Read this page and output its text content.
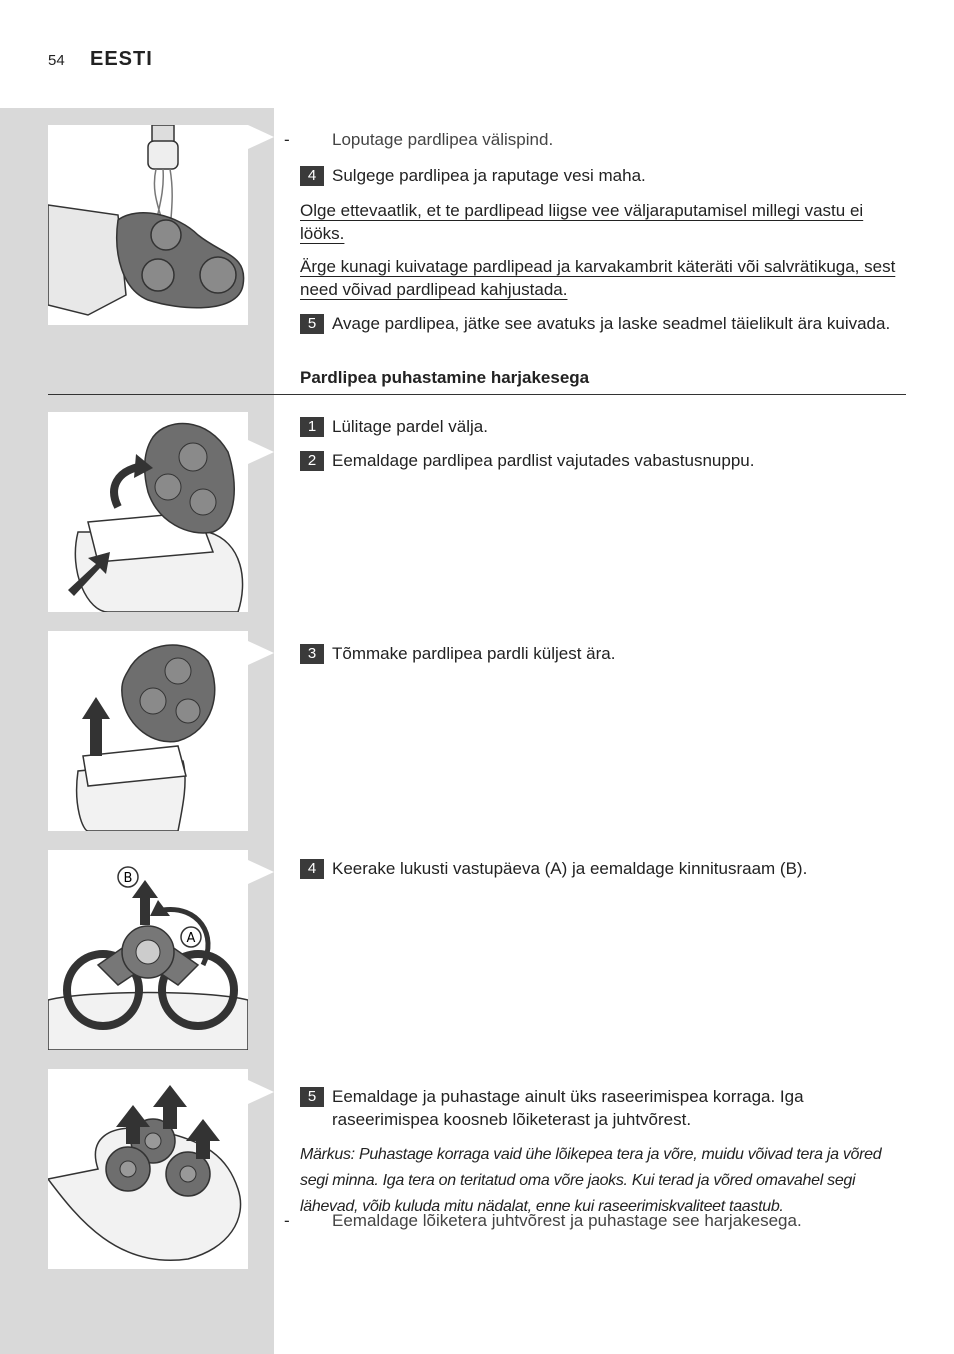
54 EESTI
- Loputage pardlipea välispind.
4 Sulgege pardlipea ja raputage vesi maha.
Olge ettevaatlik, et te pardlipead liigse vee väljaraputamisel millegi vastu ei lööks.
Ärge kunagi kuivatage pardlipead ja karvakambrit käteräti või salvrätikuga, sest need võivad pardlipead kahjustada.
5 Avage pardlipea, jätke see avatuks ja laske seadmel täielikult ära kuivada.
Pardlipea puhastamine harjakesega
1 Lülitage pardel välja.
2 Eemaldage pardlipea pardlist vajutades vabastusnuppu.
3 Tõmmake pardlipea pardli küljest ära.
B
A
4 Keerake lukusti vastupäeva (A) ja eemaldage kinnitusraam (B).
5 Eemaldage ja puhastage ainult üks raseerimispea korraga. Iga raseerimispea koosneb lõiketerast ja juhtvõrest.
Märkus: Puhastage korraga vaid ühe lõikepea tera ja võre, muidu võivad tera ja võred segi minna. Iga tera on teritatud oma võre jaoks. Kui terad ja võred omavahel segi lähevad, võib kuluda mitu nädalat, enne kui raseerimiskvaliteet taastub.
- Eemaldage lõiketera juhtvõrest ja puhastage see harjakesega.
